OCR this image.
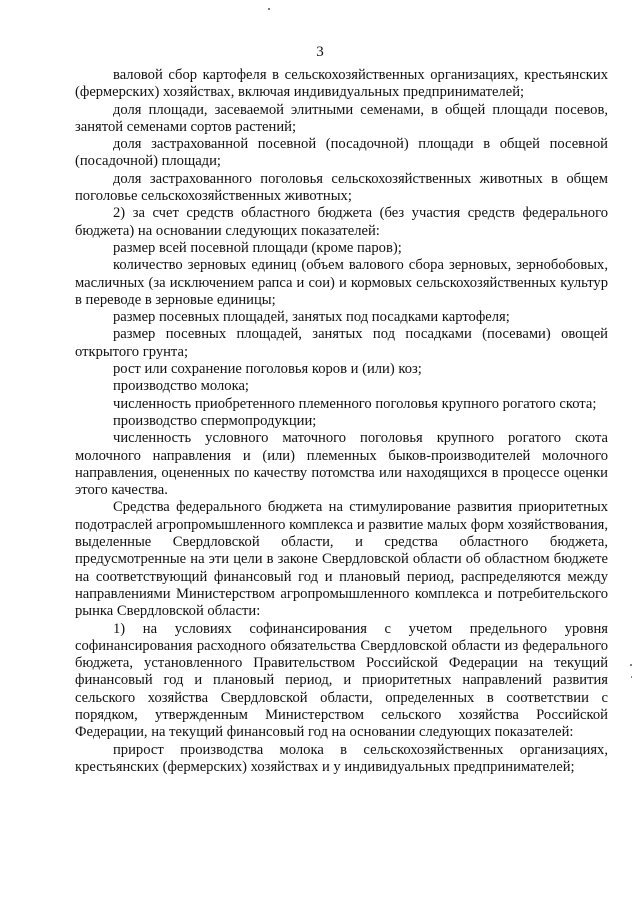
3

валовой сбор картофеля в сельскохозяйственных организациях, крестьянских (фермерских) хозяйствах, включая индивидуальных предпринимателей;

доля площади, засеваемой элитными семенами, в общей площади посевов, занятой семенами сортов растений;

доля застрахованной посевной (посадочной) площади в общей посевной (посадочной) площади;

доля застрахованного поголовья сельскохозяйственных животных в общем поголовье сельскохозяйственных животных;

2) за счет средств областного бюджета (без участия средств федерального бюджета) на основании следующих показателей:

размер всей посевной площади (кроме паров);

количество зерновых единиц (объем валового сбора зерновых, зернобобовых, масличных (за исключением рапса и сои) и кормовых сельскохозяйственных культур в переводе в зерновые единицы;

размер посевных площадей, занятых под посадками картофеля;

размер посевных площадей, занятых под посадками (посевами) овощей открытого грунта;

рост или сохранение поголовья коров и (или) коз;

производство молока;

численность приобретенного племенного поголовья крупного рогатого скота;

производство спермопродукции;

численность условного маточного поголовья крупного рогатого скота молочного направления и (или) племенных быков-производителей молочного направления, оцененных по качеству потомства или находящихся в процессе оценки этого качества.

Средства федерального бюджета на стимулирование развития приоритетных подотраслей агропромышленного комплекса и развитие малых форм хозяйствования, выделенные Свердловской области, и средства областного бюджета, предусмотренные на эти цели в законе Свердловской области об областном бюджете на соответствующий финансовый год и плановый период, распределяются между направлениями Министерством агропромышленного комплекса и потребительского рынка Свердловской области:

1) на условиях софинансирования с учетом предельного уровня софинансирования расходного обязательства Свердловской области из федерального бюджета, установленного Правительством Российской Федерации на текущий финансовый год и плановый период, и приоритетных направлений развития сельского хозяйства Свердловской области, определенных в соответствии с порядком, утвержденным Министерством сельского хозяйства Российской Федерации, на текущий финансовый год на основании следующих показателей:

прирост производства молока в сельскохозяйственных организациях, крестьянских (фермерских) хозяйствах и у индивидуальных предпринимателей;
